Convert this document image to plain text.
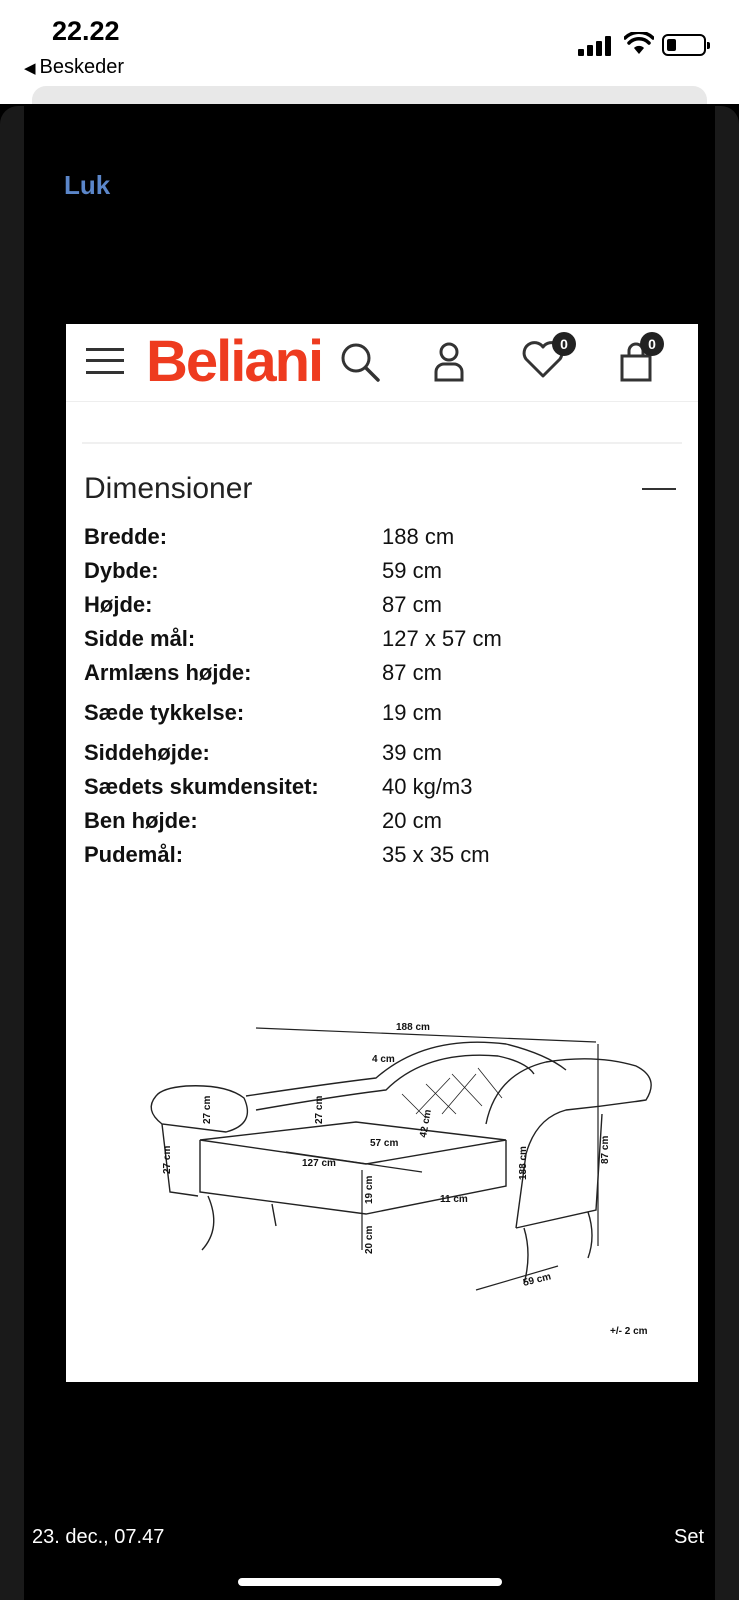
22.22
◀ Beskeder
Luk
Beliani	0	0
Dimensioner
Bredde:	188 cm
Dybde:	59 cm
Højde:	87 cm
Sidde mål:	127 x 57 cm
Armlæns højde:	87 cm
Sæde tykkelse:	19 cm
Siddehøjde:	39 cm
Sædets skumdensitet:	40 kg/m3
Ben højde:	20 cm
Pudemål:	35 x 35 cm
188 cm
4 cm
27 cm	42 cm
27 cm
27 cm
57 cm
127 cm
19 cm
20 cm
11 cm
188 cm	87 cm
59 cm
+/- 2 cm
23. dec., 07.47	Set
